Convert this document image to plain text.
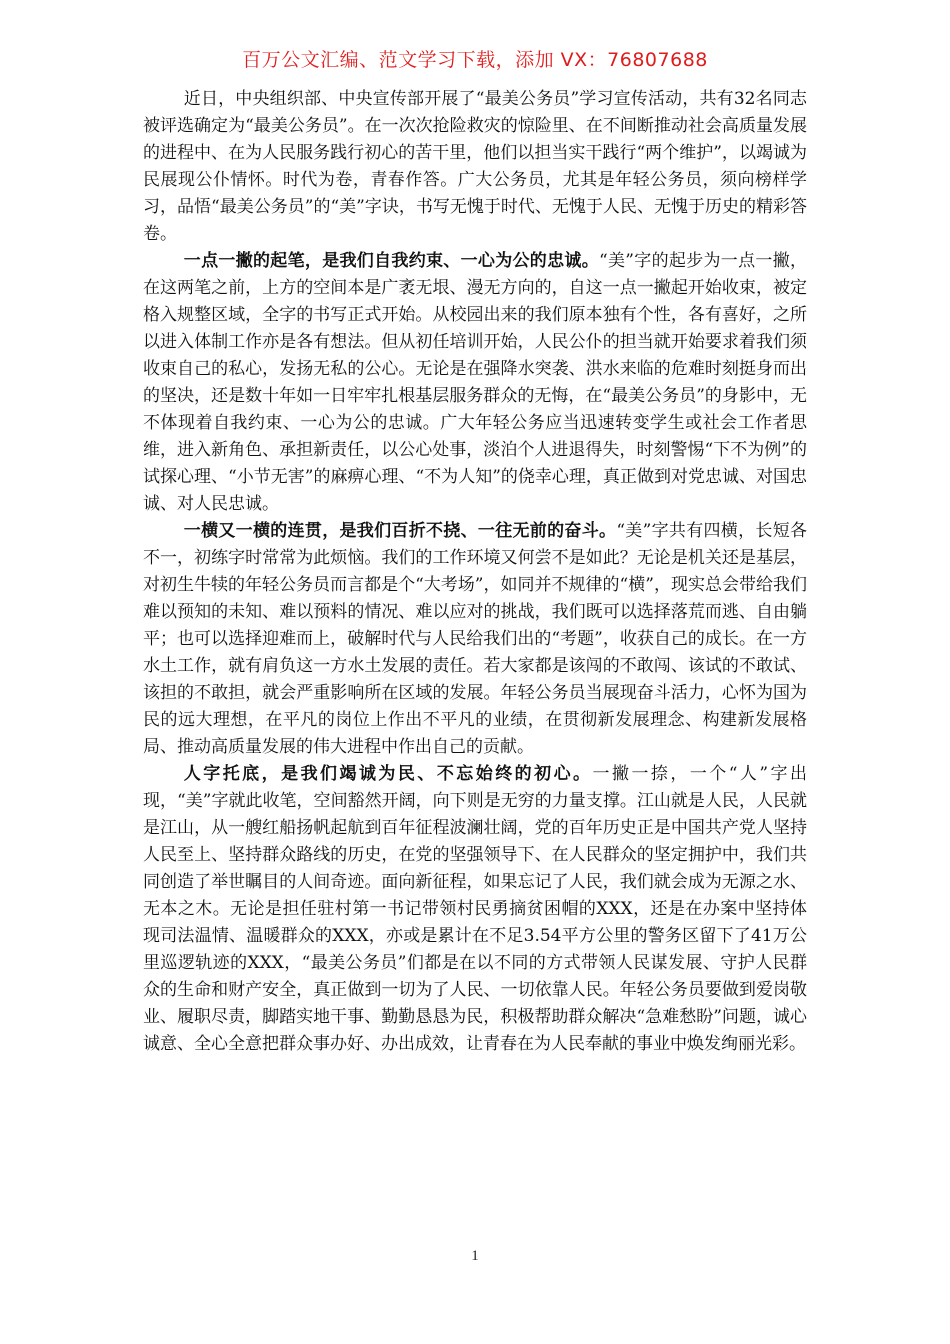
百万公文汇编、范文学习下载，添加 VX：76807688

近日，中央组织部、中央宣传部开展了“最美公务员”学习宣传活动，共有32名同志被评选确定为“最美公务员”。在一次次抢险救灾的惊险里、在不间断推动社会高质量发展的进程中、在为人民服务践行初心的苦干里，他们以担当实干践行“两个维护”，以竭诚为民展现公仆情怀。时代为卷，青春作答。广大公务员，尤其是年轻公务员，须向榜样学习，品悟“最美公务员”的“美”字诀，书写无愧于时代、无愧于人民、无愧于历史的精彩答卷。

一点一撇的起笔，是我们自我约束、一心为公的忠诚。“美”字的起步为一点一撇，在这两笔之前，上方的空间本是广袤无垠、漫无方向的，自这一点一撇起开始收束，被定格入规整区域，全字的书写正式开始。从校园出来的我们原本独有个性，各有喜好，之所以进入体制工作亦是各有想法。但从初任培训开始，人民公仆的担当就开始要求着我们须收束自己的私心，发扬无私的公心。无论是在强降水突袭、洪水来临的危难时刻挺身而出的坚决，还是数十年如一日牢牢扎根基层服务群众的无悔，在“最美公务员”的身影中，无不体现着自我约束、一心为公的忠诚。广大年轻公务应当迅速转变学生或社会工作者思维，进入新角色、承担新责任，以公心处事，淡泊个人进退得失，时刻警惕“下不为例”的试探心理、“小节无害”的麻痹心理、“不为人知”的侥幸心理，真正做到对党忠诚、对国忠诚、对人民忠诚。

一横又一横的连贯，是我们百折不挠、一往无前的奋斗。“美”字共有四横，长短各不一，初练字时常常为此烦恼。我们的工作环境又何尝不是如此？无论是机关还是基层，对初生牛犊的年轻公务员而言都是个“大考场”，如同并不规律的“横”，现实总会带给我们难以预知的未知、难以预料的情况、难以应对的挑战，我们既可以选择落荒而逃、自由躺平；也可以选择迎难而上，破解时代与人民给我们出的“考题”，收获自己的成长。在一方水土工作，就有肩负这一方水土发展的责任。若大家都是该闯的不敢闯、该试的不敢试、该担的不敢担，就会严重影响所在区域的发展。年轻公务员当展现奋斗活力，心怀为国为民的远大理想，在平凡的岗位上作出不平凡的业绩，在贯彻新发展理念、构建新发展格局、推动高质量发展的伟大进程中作出自己的贡献。

人字托底，是我们竭诚为民、不忘始终的初心。一撇一捺，一个“人”字出现，“美”字就此收笔，空间豁然开阔，向下则是无穷的力量支撑。江山就是人民，人民就是江山，从一艘红船扬帆起航到百年征程波澜壮阔，党的百年历史正是中国共产党人坚持人民至上、坚持群众路线的历史，在党的坚强领导下、在人民群众的坚定拥护中，我们共同创造了举世瞩目的人间奇迹。面向新征程，如果忘记了人民，我们就会成为无源之水、无本之木。无论是担任驻村第一书记带领村民勇摘贫困帽的XXX，还是在办案中坚持体现司法温情、温暖群众的XXX，亦或是累计在不足3.54平方公里的警务区留下了41万公里巡逻轨迹的XXX，“最美公务员”们都是在以不同的方式带领人民谋发展、守护人民群众的生命和财产安全，真正做到一切为了人民、一切依靠人民。年轻公务员要做到爱岗敬业、履职尽责，脚踏实地干事、勤勤恳恳为民，积极帮助群众解决“急难愁盼”问题，诚心诚意、全心全意把群众事办好、办出成效，让青春在为人民奉献的事业中焕发绚丽光彩。

1
